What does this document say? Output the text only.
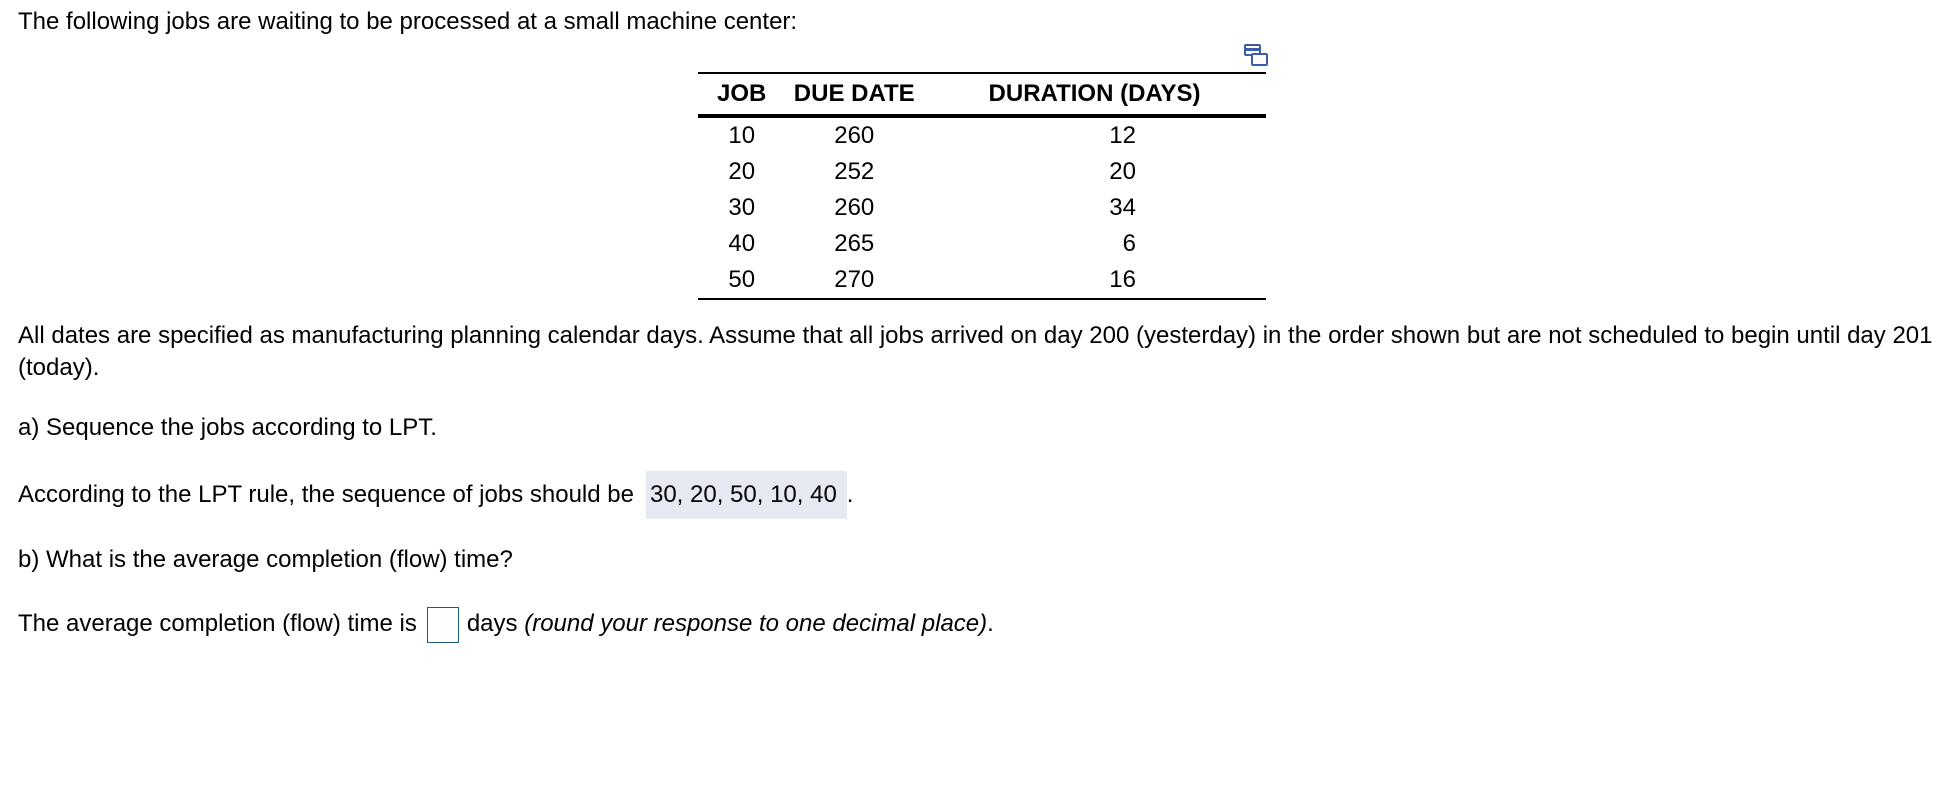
The following jobs are waiting to be processed at a small machine center:
JOB	DUE DATE	DURATION (DAYS)
10	260	12
20	252	20
30	260	34
40	265	6
50	270	16
All dates are specified as manufacturing planning calendar days. Assume that all jobs arrived on day 200 (yesterday) in the order shown but are not scheduled to begin until day 201 (today).
a) Sequence the jobs according to LPT.
According to the LPT rule, the sequence of jobs should be 30, 20, 50, 10, 40 .
b) What is the average completion (flow) time?
The average completion (flow) time is days (round your response to one decimal place).
